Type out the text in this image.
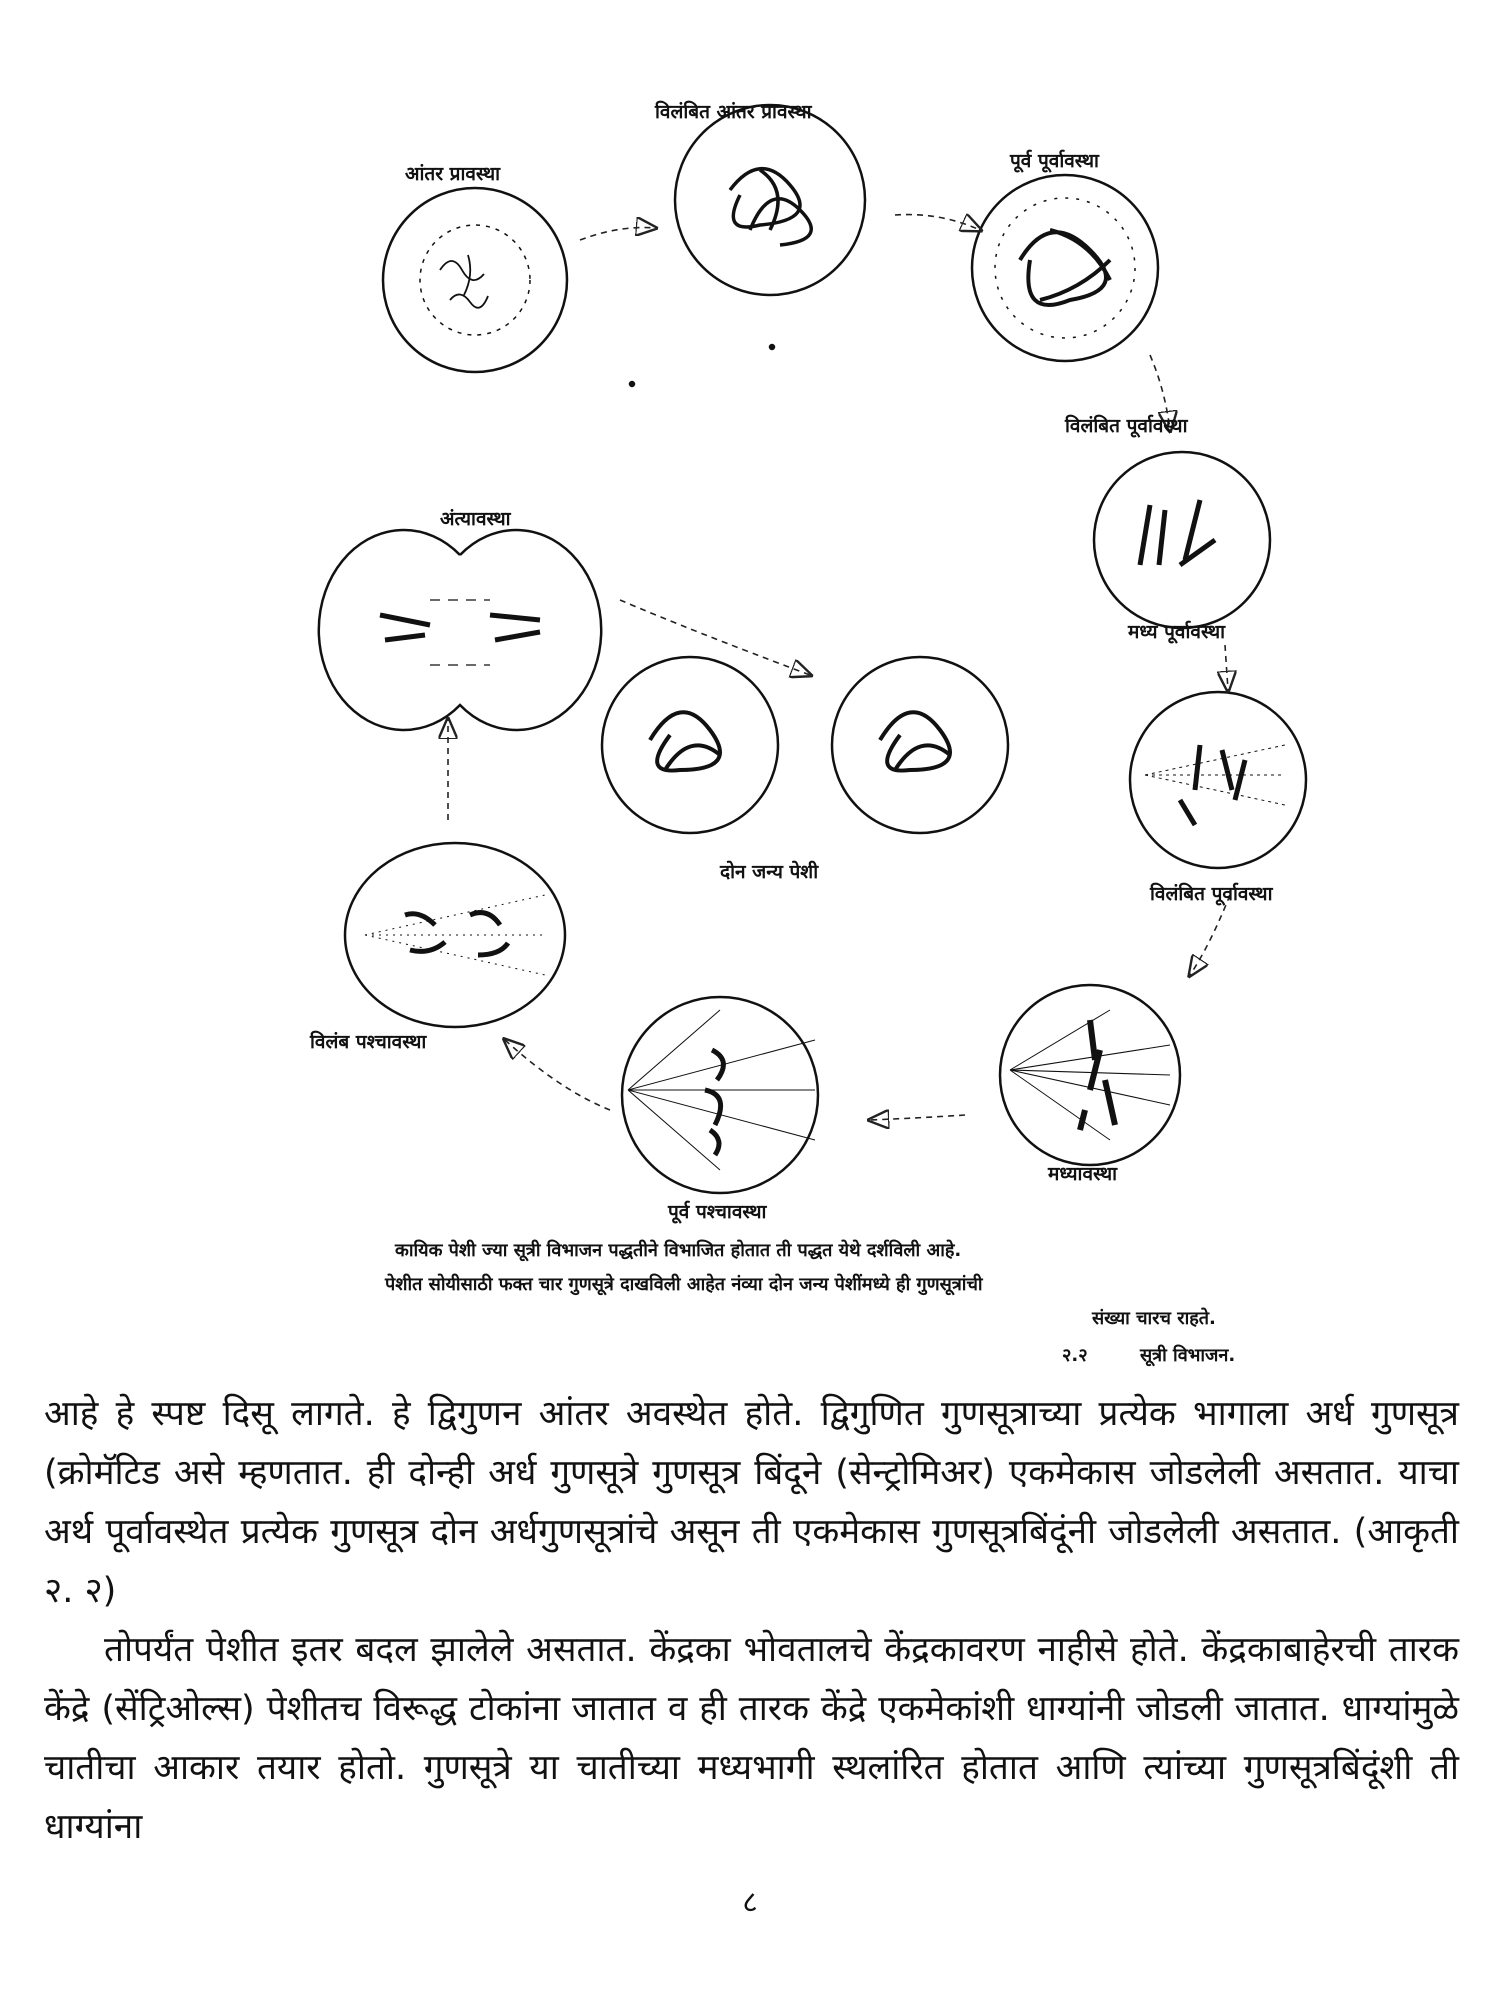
विलंबित आंतर प्रावस्था
आंतर प्रावस्था
पूर्व पूर्वावस्था
विलंबित पूर्वावस्था
अंत्यावस्था
मध्य पूर्वावस्था
दोन जन्य पेशी
विलंबित पूर्वावस्था
विलंब पश्चावस्था
मध्यावस्था
पूर्व पश्चावस्था
कायिक पेशी ज्या सूत्री विभाजन पद्धतीने विभाजित होतात ती पद्धत येथे दर्शविली आहे.
पेशीत सोयीसाठी फक्त चार गुणसूत्रे दाखविली आहेत नंव्या दोन जन्य पेशींमध्ये ही गुणसूत्रांची
संख्या चारच राहते.
२.२	सूत्री विभाजन.

आहे हे स्पष्ट दिसू लागते. हे द्विगुणन आंतर अवस्थेत होते. द्विगुणित गुणसूत्राच्या प्रत्येक भागाला अर्ध गुणसूत्र (क्रोमॅटिड असे म्हणतात. ही दोन्ही अर्ध गुणसूत्रे गुणसूत्र बिंदूने (सेन्ट्रोमिअर) एकमेकास जोडलेली असतात. याचा अर्थ पूर्वावस्थेत प्रत्येक गुणसूत्र दोन अर्धगुणसूत्रांचे असून ती एकमेकास गुणसूत्रबिंदूंनी जोडलेली असतात. (आकृती २. २)

तोपर्यंत पेशीत इतर बदल झालेले असतात. केंद्रका भोवतालचे केंद्रकावरण नाहीसे होते. केंद्रकाबाहेरची तारक केंद्रे (सेंट्रिओल्स) पेशीतच विरूद्ध टोकांना जातात व ही तारक केंद्रे एकमेकांशी धाग्यांनी जोडली जातात. धाग्यांमुळे चातीचा आकार तयार होतो. गुणसूत्रे या चातीच्या मध्यभागी स्थलांरित होतात आणि त्यांच्या गुणसूत्रबिंदूंशी ती धाग्यांना

८
